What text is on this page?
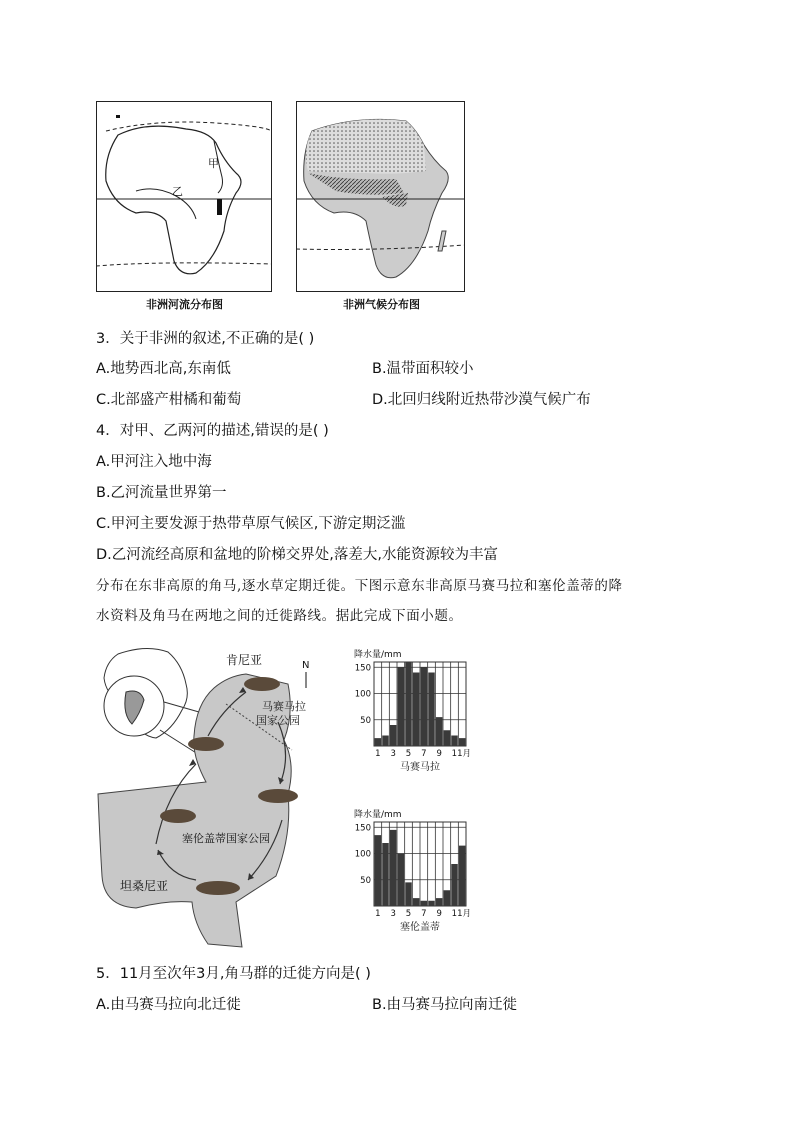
甲
乙
非洲河流分布图	非洲气候分布图
3．关于非洲的叙述,不正确的是( )
A.地势西北高,东南低	B.温带面积较小
C.北部盛产柑橘和葡萄	D.北回归线附近热带沙漠气候广布
4．对甲、乙两河的描述,错误的是( )
A.甲河注入地中海
B.乙河流量世界第一
C.甲河主要发源于热带草原气候区,下游定期泛滥
D.乙河流经高原和盆地的阶梯交界处,落差大,水能资源较为丰富
分布在东非高原的角马,逐水草定期迁徙。下图示意东非高原马赛马拉和塞伦盖蒂的降
水资料及角马在两地之间的迁徙路线。据此完成下面小题。
N
肯尼亚
马赛马拉
国家公园
塞伦盖蒂国家公园
坦桑尼亚
降水量/mm
50
100
150
1 3 5 7 9 11月
马赛马拉
降水量/mm
50
100
150
1 3 5 7 9 11月
塞伦盖蒂
5．11月至次年3月,角马群的迁徙方向是( )
A.由马赛马拉向北迁徙	B.由马赛马拉向南迁徙
